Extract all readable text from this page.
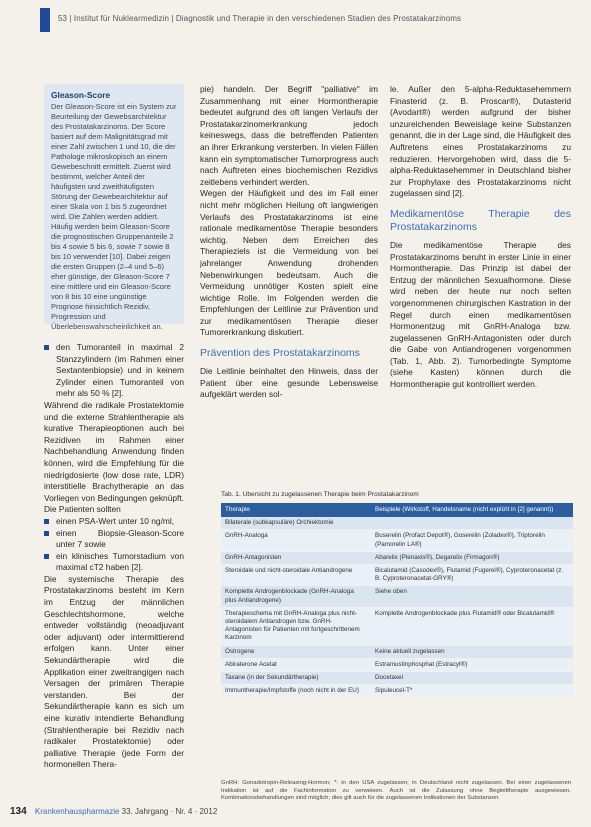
53 | Institut für Nuklearmedizin | Diagnostik und Therapie in den verschiedenen Stadien des Prostatakarzinoms
Gleason-Score

Der Gleason-Score ist ein System zur Beurteilung der Gewebsarchitektur des Prostatakarzinoms. Der Score basiert auf dem Malignitätsgrad mit einer Zahl zwischen 1 und 10, die der Pathologe mikroskopisch an einem Gewebeschnitt ermittelt. Zuerst wird bestimmt, welcher Anteil der häufigsten und zweithäufigsten Störung der Gewebearchitektur auf einer Skala von 1 bis 5 zugeordnet wird. Die Zahlen werden addiert. Häufig werden beim Gleason-Score die prognostischen Gruppenanteile 2 bis 4 sowie 5 bis 6, sowie 7 sowie 8 bis 10 verwendet [10]. Dabei zeigen die ersten Gruppen (2–4 und 5–6) eher günstige, der Gleason-Score 7 eine mittlere und ein Gleason-Score von 8 bis 10 eine ungünstige Prognose hinsichtlich Rezidiv, Progression und Überlebenswahrscheinlichkeit an.

den Tumoranteil in maximal 2 Stanzzylindern (im Rahmen einer Sextantenbiopsie) und in keinem Zylinder einen Tumoranteil von mehr als 50 % [2].

Während die radikale Prostatektomie und die externe Strahlentherapie als kurative Therapieoptionen auch bei Rezidiven im Rahmen einer Nachbehandlung Anwendung finden können, wird die Empfehlung für die niedrigdosierte (low dose rate, LDR) interstitielle Brachytherapie an das Vorliegen von Bedingungen geknüpft. Die Patienten sollten

einen PSA-Wert unter 10 ng/ml,
einen Biopsie-Gleason-Score unter 7 sowie
ein klinisches Tumorstadium von maximal cT2 haben [2].

Die systemische Therapie des Prostatakarzinoms besteht im Kern im Entzug der männlichen Geschlechtshormone, welche entweder vollständig (neoadjuvant oder adjuvant) oder intermittierend erfolgen kann. Unter einer Sekundärtherapie wird die Applikation einer zweitrangigen nach Versagen der primären Therapie verstanden. Bei der Sekundärtherapie kann es sich um eine kurativ intendierte Behandlung (Strahlentherapie bei Rezidiv nach radikaler Prostatektomie) oder palliative Therapie (jede Form der hormonellen Thera-

pie) handeln. Der Begriff "palliative" im Zusammenhang mit einer Hormontherapie bedeutet aufgrund des oft langen Verlaufs der Prostatakarzinomerkrankung jedoch keineswegs, dass die betreffenden Patienten an ihrer Erkrankung versterben. In vielen Fällen kann ein symptomatischer Tumorprogress auch nach Auftreten eines biochemischen Rezidivs zeitlebens verhindert werden.

Wegen der Häufigkeit und des im Fall einer nicht mehr möglichen Heilung oft langwierigen Verlaufs des Prostatakarzinoms ist eine rationale medikamentöse Therapie besonders wichtig. Neben dem Erreichen des Therapieziels ist die Vermeidung von bei jahrelanger Anwendung drohenden Nebenwirkungen bedeutsam. Auch die Vermeidung unnötiger Kosten spielt eine wichtige Rolle. Im Folgenden werden die Empfehlungen der Leitlinie zur Prävention und zur medikamentösen Therapie dieser Tumorerkrankung diskutiert.

Prävention des Prostatakarzinoms

Die Leitlinie beinhaltet den Hinweis, dass der Patient über eine gesunde Lebensweise aufgeklärt werden sol-

le. Außer den 5-alpha-Reduktasehemmern Finasterid (z. B. Proscar®), Dutasterid (Avodart®) werden aufgrund der bisher unzureichenden Beweislage keine Substanzen genannt, die in der Lage sind, die Häufigkeit des Auftretens eines Prostatakarzinoms zu reduzieren. Hervorgehoben wird, dass die 5-alpha-Reduktasehemmer in Deutschland bisher zur Prophylaxe des Prostatakarzinoms nicht zugelassen sind [2].

Medikamentöse Therapie des Prostatakarzinoms

Die medikamentöse Therapie des Prostatakarzinoms beruht in erster Linie in einer Hormontherapie. Das Prinzip ist dabei der Entzug der männlichen Sexualhormone. Diese wird neben der heute nur noch selten vorgenommenen chirurgischen Kastration in der Regel durch einen medikamentösen Hormonentzug mit GnRH-Analoga bzw. zugelassenen GnRH-Antagonisten oder durch die Gabe von Antiandrogenen vorgenommen (Tab. 1, Abb. 2). Tumorbedingte Symptome (siehe Kasten) können durch die Hormontherapie gut kontrolliert werden.

Tab. 1. Übersicht zu zugelassenen Therapie beim Prostatakarzinom
Therapie	Beispiele (Wirkstoff, Handelsname (nicht explizit in [2] genannt))
Bilaterale (subkapsuläre) Orchiektomie	
GnRH-Analoga	Buserelin (Profact Depot®), Goserelin (Zoladex®), Triptorelin (Pamorelin LA®)
GnRH-Antagonisten	Abarelix (Plenaxis®), Degarelix (Firmagon®)
Steroidale und nicht-steroidale Antiandrogene	Bicalutamid (Casodex®), Flutamid (Fugerel®), Cyproteronacetat (z. B. Cyproteronacetat-GRY®)
Komplette Androgenblockade (GnRH-Analoga plus Antiandrogene)	Siehe oben
Therapieschema mit GnRH-Analoga plus nicht-steroidalem Antiandrogen bzw. GnRH-Antagonisten für Patienten mit fortgeschrittenem Karzinom	Komplette Androgenblockade plus Flutamid® oder Bicalutamid®
Östrogene	Keine aktuell zugelassen
Abiraterone Acetat	Estramustinphosphat (Estracyt®)
Taxane (in der Sekundärtherapie)	Docetaxel
Immuntherapie/Impfstoffe (noch nicht in der EU)	Sipuleucel-T*
GnRH: Gonadotropin-Releasing-Hormon; *: in den USA zugelassen; in Deutschland nicht zugelassen. Bei einer zugelassenen Indikation ist auf die Fachinformation zu verweisen. Auch ist die Zulassung ohne Begleittherapie ausgewiesen. Kombinationsbehandlungen sind möglich; dies gilt auch für die zugelassenen Indikationen der Substanzen.
134 Krankenhauspharmazie 33. Jahrgang · Nr. 4 · 2012
